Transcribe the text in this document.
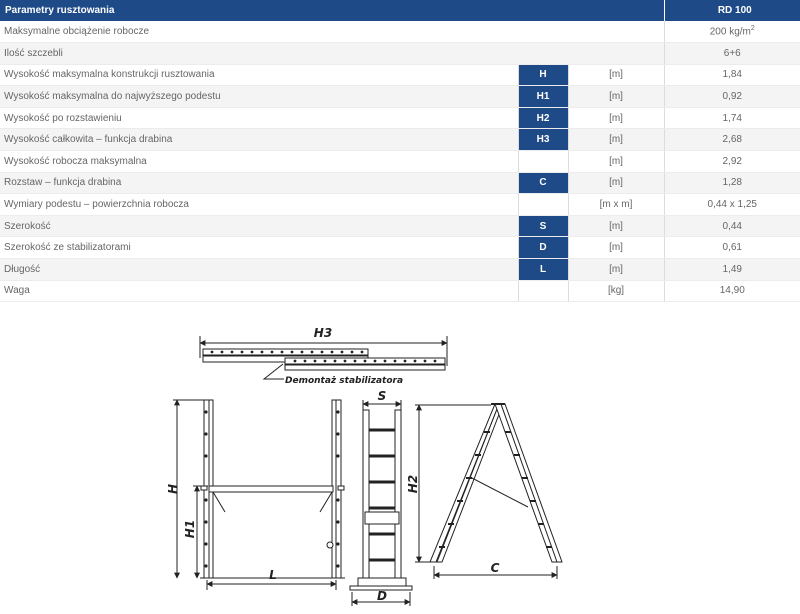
Parametry rusztowania			RD 100
Maksymalne obciążenie robocze			200 $kg/m^2$
Ilość szczebli			6+6
Wysokość maksymalna konstrukcji rusztowania	H	[m]	1,84
Wysokość maksymalna do najwyższego podestu	H1	[m]	0,92
Wysokość po rozstawieniu	H2	[m]	1,74
Wysokość całkowita – funkcja drabina	H3	[m]	2,68
Wysokość robocza maksymalna		[m]	2,92
Rozstaw – funkcja drabina	C	[m]	1,28
Wymiary podestu – powierzchnia robocza		[m x m]	0,44 x 1,25
Szerokość	S	[m]	0,44
Szerokość ze stabilizatorami	D	[m]	0,61
Długość	L	[m]	1,49
Waga		[kg]	14,90
H3
Demontaż stabilizatora
H
H1
L
S
D
H2
C
